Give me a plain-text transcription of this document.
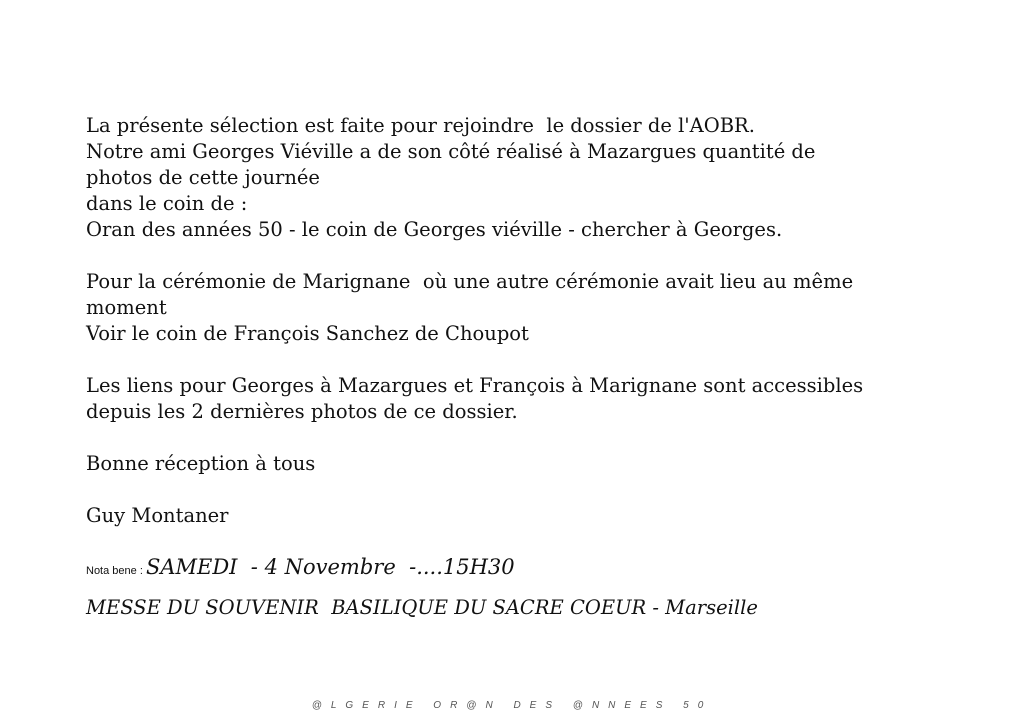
La présente sélection est faite pour rejoindre  le dossier de l'AOBR.
Notre ami Georges Viéville a de son côté réalisé à Mazargues quantité de
photos de cette journée
dans le coin de :
Oran des années 50 - le coin de Georges viéville - chercher à Georges.
Pour la cérémonie de Marignane  où une autre cérémonie avait lieu au même
moment
Voir le coin de François Sanchez de Choupot
Les liens pour Georges à Mazargues et François à Marignane sont accessibles
depuis les 2 dernières photos de ce dossier.
Bonne réception à tous
Guy Montaner
Nota bene : SAMEDI  - 4 Novembre  -....15H30
MESSE DU SOUVENIR  BASILIQUE DU SACRE COEUR - Marseille
@LGERIE OR@N DES @NNEES 50
